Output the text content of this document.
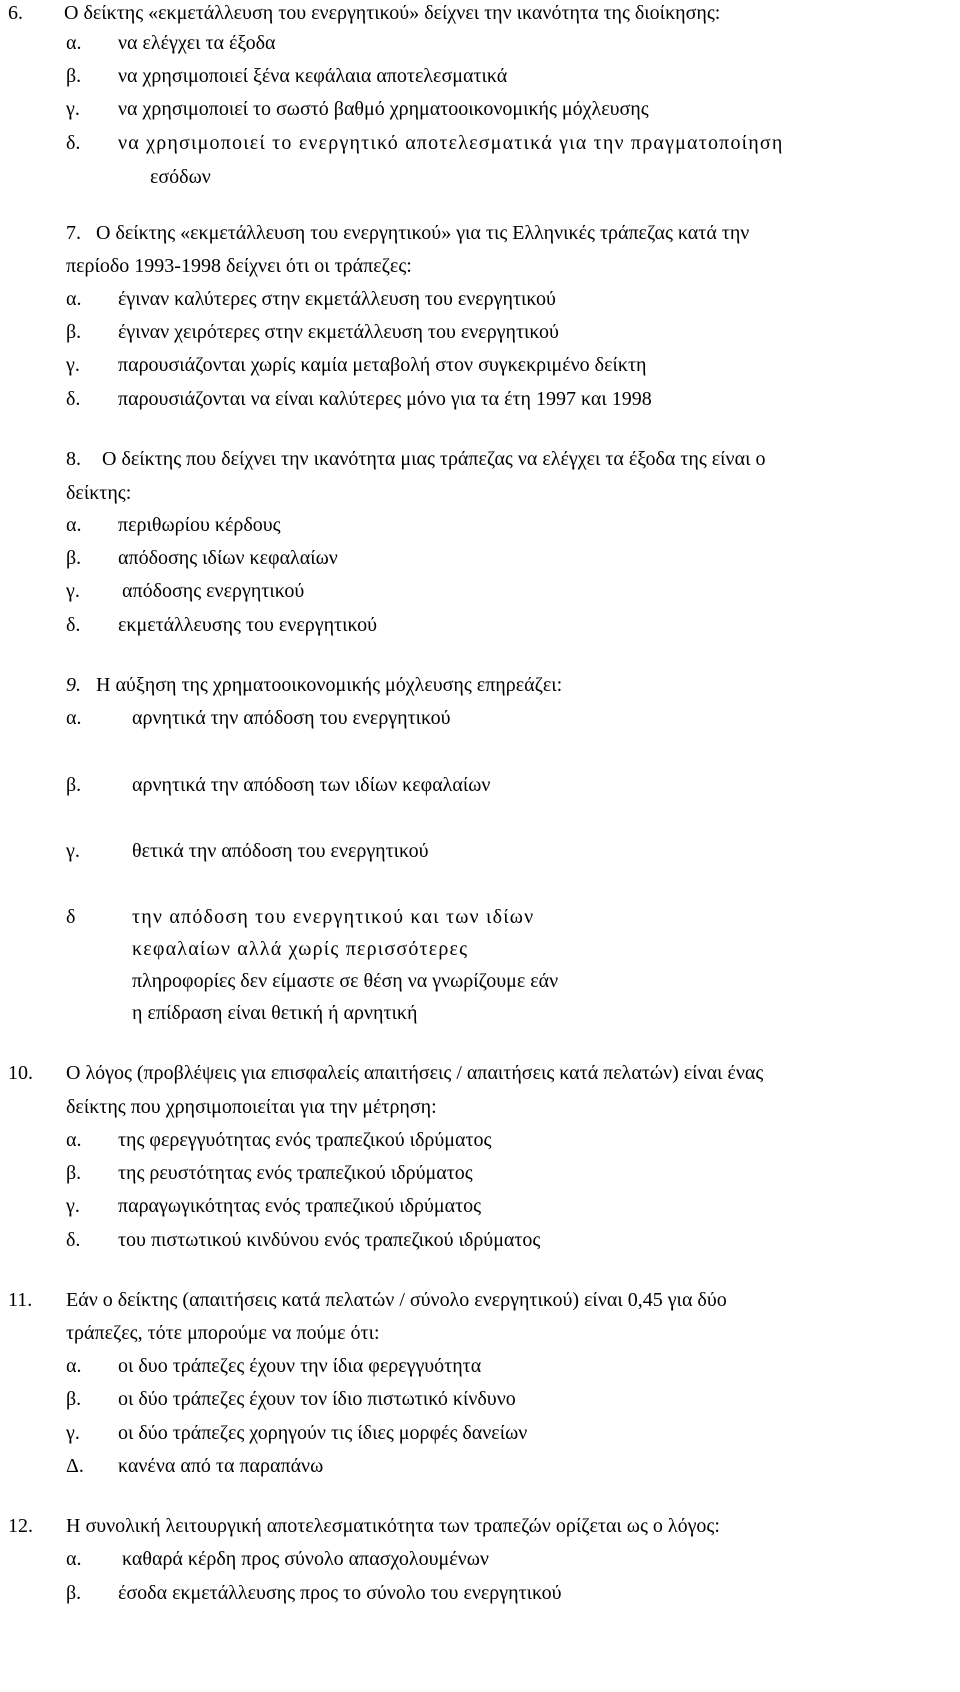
6. Ο δείκτης «εκμετάλλευση του ενεργητικού» δείχνει την ικανότητα της διοίκησης:
α. να ελέγχει τα έξοδα
β. να χρησιμοποιεί ξένα κεφάλαια αποτελεσματικά
γ. να χρησιμοποιεί το σωστό βαθμό χρηματοοικονομικής μόχλευσης
δ. να χρησιμοποιεί το ενεργητικό αποτελεσματικά για την πραγματοποίηση
εσόδων
7. Ο δείκτης «εκμετάλλευση του ενεργητικού» για τις Ελληνικές τράπεζας κατά την
περίοδο 1993-1998 δείχνει ότι οι τράπεζες:
α. έγιναν καλύτερες στην εκμετάλλευση του ενεργητικού
β. έγιναν χειρότερες στην εκμετάλλευση του ενεργητικού
γ. παρουσιάζονται χωρίς καμία μεταβολή στον συγκεκριμένο δείκτη
δ. παρουσιάζονται να είναι καλύτερες μόνο για τα έτη 1997 και 1998
8. Ο δείκτης που δείχνει την ικανότητα μιας τράπεζας να ελέγχει τα έξοδα της είναι ο
δείκτης:
α. περιθωρίου κέρδους
β. απόδοσης ιδίων κεφαλαίων
γ. απόδοσης ενεργητικού
δ. εκμετάλλευσης του ενεργητικού
9. Η αύξηση της χρηματοοικονομικής μόχλευσης επηρεάζει:
α.	αρνητικά την απόδοση του ενεργητικού
β.	αρνητικά την απόδοση των ιδίων κεφαλαίων
γ.	θετικά την απόδοση του ενεργητικού
δ	την απόδοση του ενεργητικού και των ιδίων
κεφαλαίων αλλά χωρίς περισσότερες
πληροφορίες δεν είμαστε σε θέση να γνωρίζουμε εάν
η επίδραση είναι θετική ή αρνητική
10. Ο λόγος (προβλέψεις για επισφαλείς απαιτήσεις / απαιτήσεις κατά πελατών) είναι ένας
δείκτης που χρησιμοποιείται για την μέτρηση:
α. της φερεγγυότητας ενός τραπεζικού ιδρύματος
β. της ρευστότητας ενός τραπεζικού ιδρύματος
γ. παραγωγικότητας ενός τραπεζικού ιδρύματος
δ. του πιστωτικού κινδύνου ενός τραπεζικού ιδρύματος
11. Εάν ο δείκτης (απαιτήσεις κατά πελατών / σύνολο ενεργητικού) είναι 0,45 για δύο
τράπεζες, τότε μπορούμε να πούμε ότι:
α. οι δυο τράπεζες έχουν την ίδια φερεγγυότητα
β. οι δύο τράπεζες έχουν τον ίδιο πιστωτικό κίνδυνο
γ. οι δύο τράπεζες χορηγούν τις ίδιες μορφές δανείων
Δ. κανένα από τα παραπάνω
12. Η συνολική λειτουργική αποτελεσματικότητα των τραπεζών ορίζεται ως ο λόγος:
α. καθαρά κέρδη προς σύνολο απασχολουμένων
β. έσοδα εκμετάλλευσης προς το σύνολο του ενεργητικού
